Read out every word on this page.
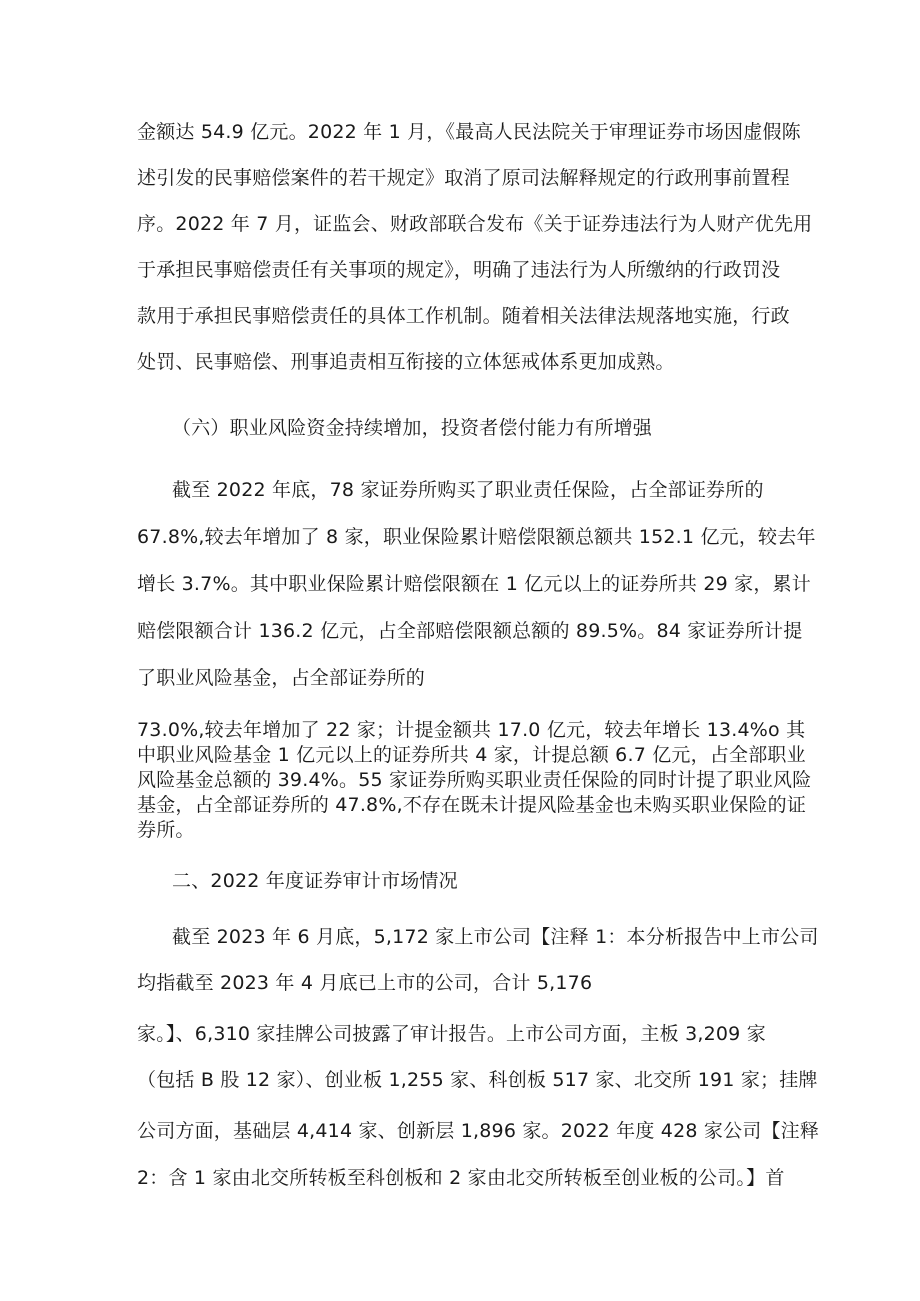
金额达 54.9 亿元。2022 年 1 月，《最高人民法院关于审理证券市场因虚假陈

述引发的民事赔偿案件的若干规定》取消了原司法解释规定的行政刑事前置程

序。2022 年 7 月，证监会、财政部联合发布《关于证券违法行为人财产优先用

于承担民事赔偿责任有关事项的规定》，明确了违法行为人所缴纳的行政罚没

款用于承担民事赔偿责任的具体工作机制。随着相关法律法规落地实施，行政

处罚、民事赔偿、刑事追责相互衔接的立体惩戒体系更加成熟。

（六）职业风险资金持续增加，投资者偿付能力有所增强

截至 2022 年底，78 家证券所购买了职业责任保险，占全部证券所的

67.8%,较去年增加了 8 家，职业保险累计赔偿限额总额共 152.1 亿元，较去年

增长 3.7%。其中职业保险累计赔偿限额在 1 亿元以上的证券所共 29 家，累计

赔偿限额合计 136.2 亿元，占全部赔偿限额总额的 89.5%。84 家证券所计提

了职业风险基金，占全部证券所的

73.0%,较去年增加了 22 家；计提金额共 17.0 亿元，较去年增长 13.4%o 其

中职业风险基金 1 亿元以上的证券所共 4 家，计提总额 6.7 亿元，占全部职业

风险基金总额的 39.4%。55 家证券所购买职业责任保险的同时计提了职业风险

基金，占全部证券所的 47.8%,不存在既未计提风险基金也未购买职业保险的证

券所。

二、2022 年度证券审计市场情况

截至 2023 年 6 月底，5,172 家上市公司【注释 1：本分析报告中上市公司

均指截至 2023 年 4 月底已上市的公司，合计 5,176

家。】、6,310 家挂牌公司披露了审计报告。上市公司方面，主板 3,209 家

（包括 B 股 12 家）、创业板 1,255 家、科创板 517 家、北交所 191 家；挂牌

公司方面，基础层 4,414 家、创新层 1,896 家。2022 年度 428 家公司【注释

2：含 1 家由北交所转板至科创板和 2 家由北交所转板至创业板的公司。】首
